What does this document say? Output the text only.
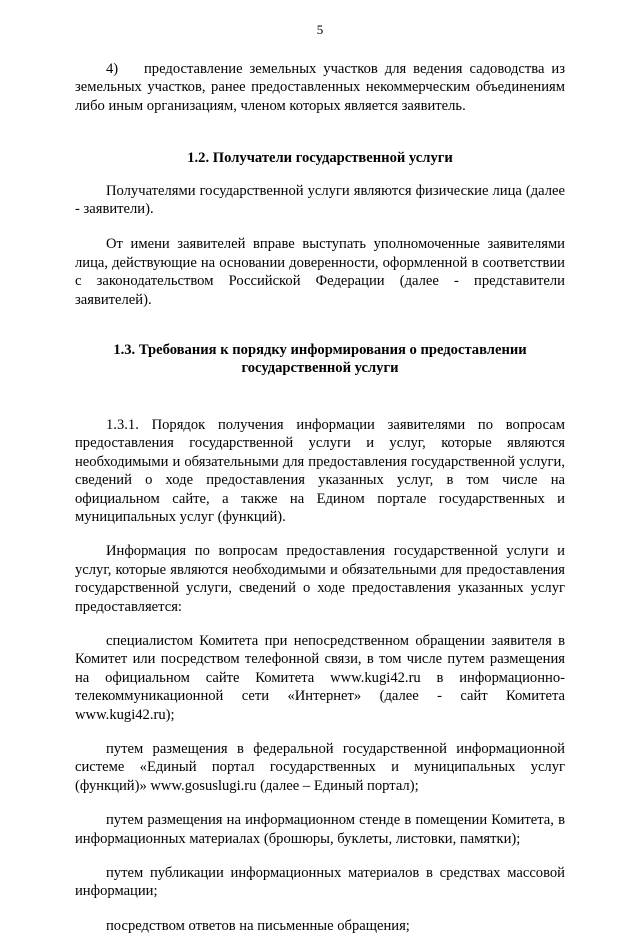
5

4) предоставление земельных участков для ведения садоводства из земельных участков, ранее предоставленных некоммерческим объединениям либо иным организациям, членом которых является заявитель.

1.2. Получатели государственной услуги

Получателями государственной услуги являются физические лица (далее - заявители).

От имени заявителей вправе выступать уполномоченные заявителями лица, действующие на основании доверенности, оформленной в соответствии с законодательством Российской Федерации (далее - представители заявителей).

1.3. Требования к порядку информирования о предоставлении
государственной услуги

1.3.1. Порядок получения информации заявителями по вопросам предоставления государственной услуги и услуг, которые являются необходимыми и обязательными для предоставления государственной услуги, сведений о ходе предоставления указанных услуг, в том числе на официальном сайте, а также на Едином портале государственных и муниципальных услуг (функций).

Информация по вопросам предоставления государственной услуги и услуг, которые являются необходимыми и обязательными для предоставления государственной услуги, сведений о ходе предоставления указанных услуг предоставляется:

специалистом Комитета при непосредственном обращении заявителя в Комитет или посредством телефонной связи, в том числе путем размещения на официальном сайте Комитета www.kugi42.ru в информационно-телекоммуникационной сети «Интернет» (далее - сайт Комитета www.kugi42.ru);

путем размещения в федеральной государственной информационной системе «Единый портал государственных и муниципальных услуг (функций)» www.gosuslugi.ru (далее – Единый портал);

путем размещения на информационном стенде в помещении Комитета, в информационных материалах (брошюры, буклеты, листовки, памятки);

путем публикации информационных материалов в средствах массовой информации;

посредством ответов на письменные обращения;
